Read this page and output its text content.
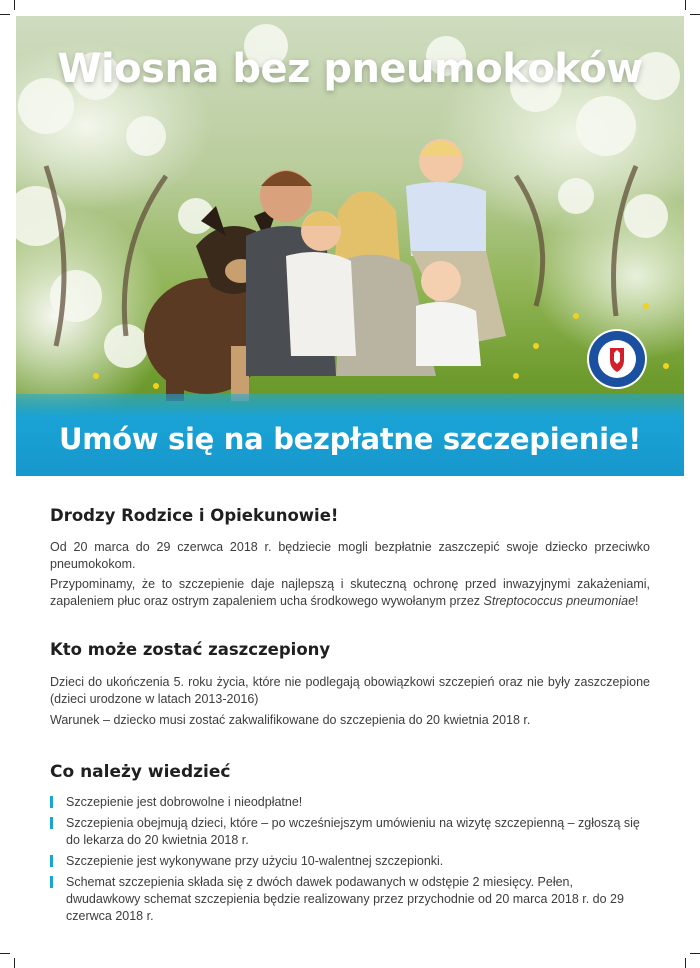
Wiosna bez pneumokoków
Umów się na bezpłatne szczepienie!
Drodzy Rodzice i Opiekunowie!

Od 20 marca do 29 czerwca 2018 r. będziecie mogli bezpłatnie zaszczepić swoje dziecko przeciwko pneumokokom.

Przypominamy, że to szczepienie daje najlepszą i skuteczną ochronę przed inwazyjnymi zakażeniami, zapaleniem płuc oraz ostrym zapaleniem ucha środkowego wywołanym przez Streptococcus pneumoniae!

Kto może zostać zaszczepiony

Dzieci do ukończenia 5. roku życia, które nie podlegają obowiązkowi szczepień oraz nie były zaszczepione (dzieci urodzone w latach 2013-2016)

Warunek – dziecko musi zostać zakwalifikowane do szczepienia do 20 kwietnia 2018 r.

Co należy wiedzieć
Szczepienie jest dobrowolne i nieodpłatne!
Szczepienia obejmują dzieci, które – po wcześniejszym umówieniu na wizytę szczepienną – zgłoszą się do lekarza do 20 kwietnia 2018 r.
Szczepienie jest wykonywane przy użyciu 10-walentnej szczepionki.
Schemat szczepienia składa się z dwóch dawek podawanych w odstępie 2 miesięcy. Pełen, dwudawkowy schemat szczepienia będzie realizowany przez przychodnie od 20 marca 2018 r. do 29 czerwca 2018 r.
